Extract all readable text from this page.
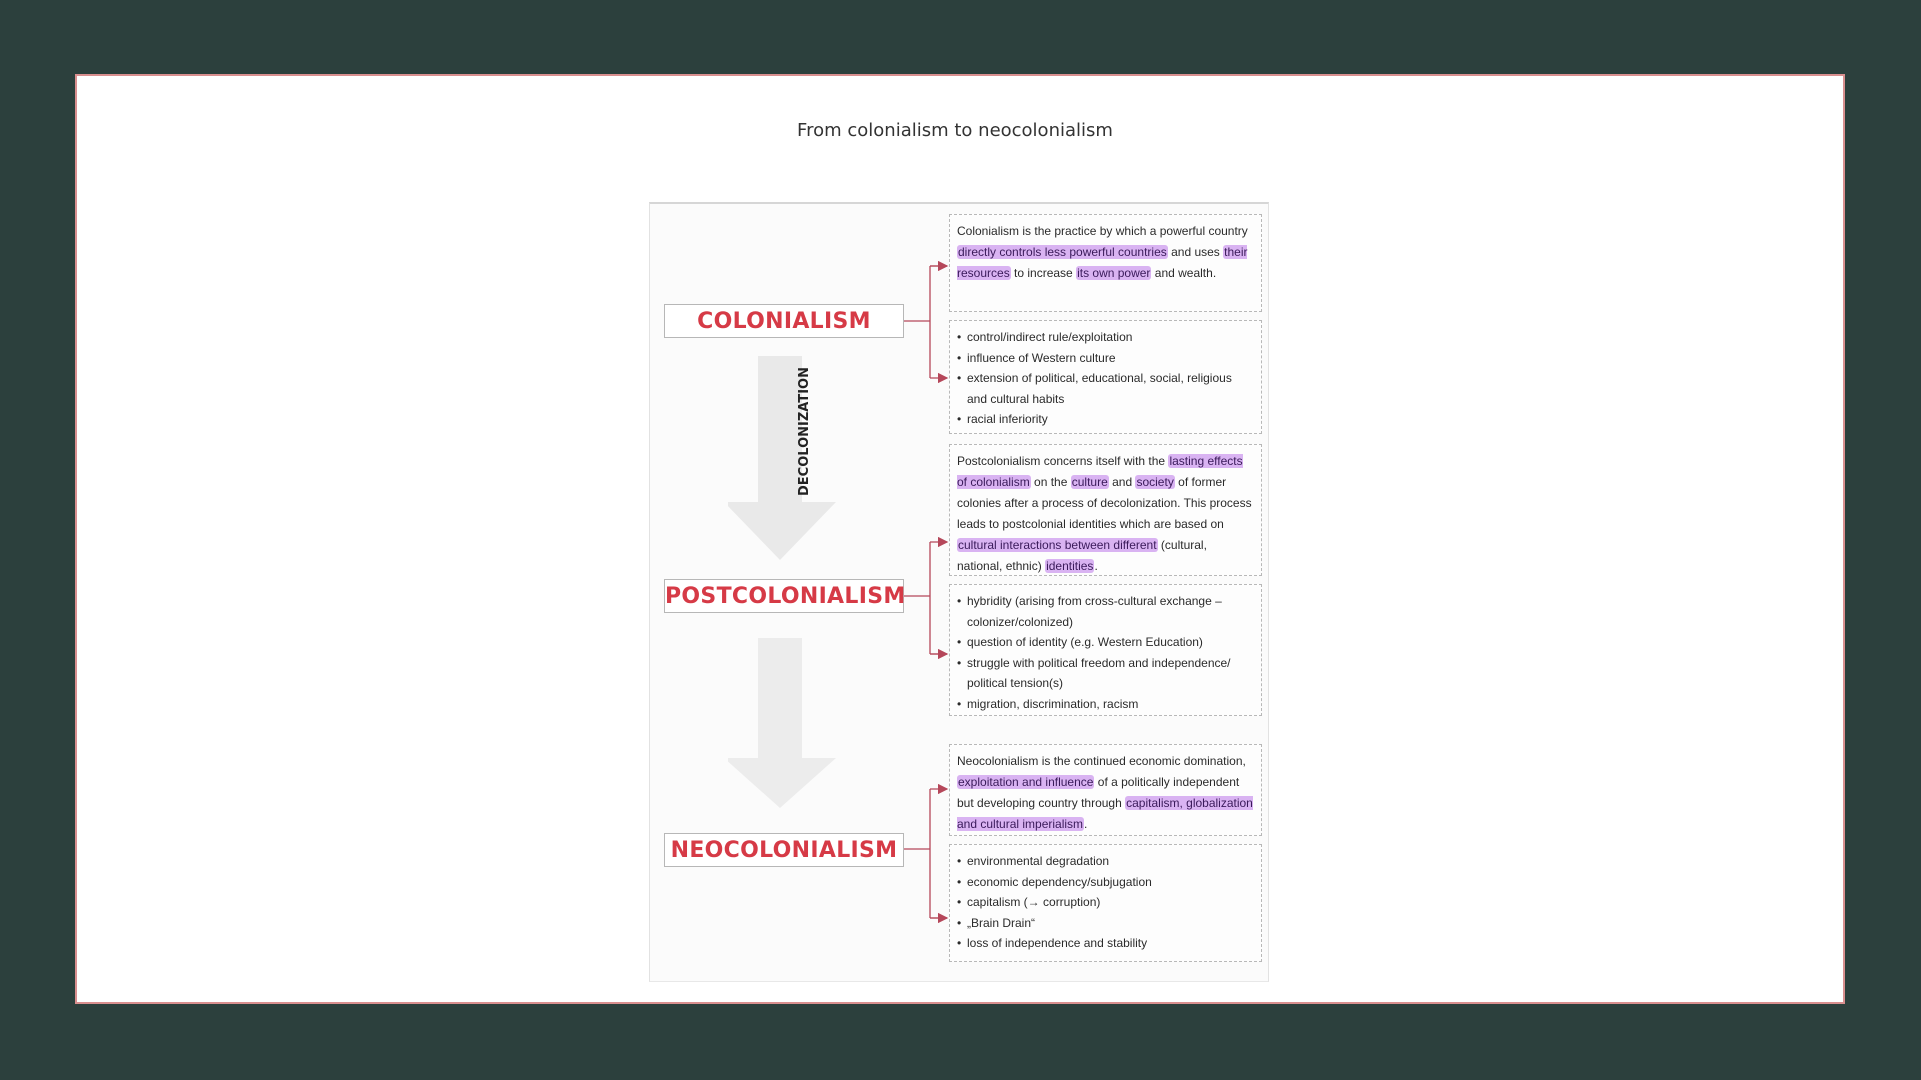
From colonialism to neocolonialism
COLONIALISM
POSTCOLONIALISM
NEOCOLONIALISM
DECOLONIZATION
Colonialism is the practice by which a powerful country directly controls less powerful countries and uses their resources to increase its own power and wealth.
• control/indirect rule/exploitation
• influence of Western culture
• extension of political, educational, social, religious and cultural habits
• racial inferiority
Postcolonialism concerns itself with the lasting effects of colonialism on the culture and society of former colonies after a process of decolonization. This process leads to postcolonial identities which are based on cultural interactions between different (cultural, national, ethnic) identities.
• hybridity (arising from cross-cultural exchange – colonizer/colonized)
• question of identity (e.g. Western Education)
• struggle with political freedom and independence/ political tension(s)
• migration, discrimination, racism
Neocolonialism is the continued economic domination, exploitation and influence of a politically independent but developing country through capitalism, globalization and cultural imperialism.
• environmental degradation
• economic dependency/subjugation
• capitalism (→ corruption)
• „Brain Drain“
• loss of independence and stability
